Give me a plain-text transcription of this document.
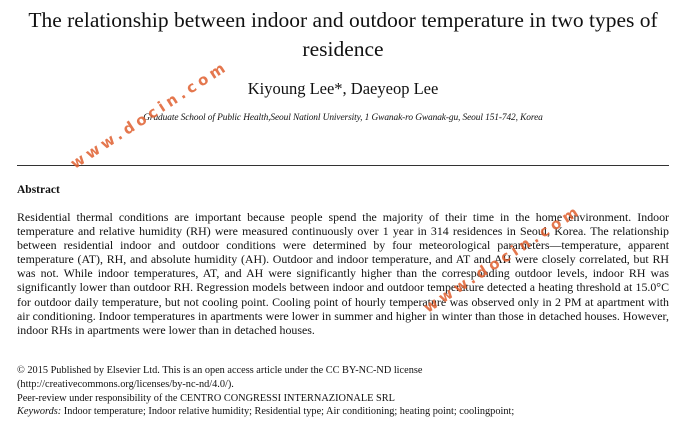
The relationship between indoor and outdoor temperature in two types of residence
Kiyoung Lee*, Daeyeop Lee
Graduate School of Public Health,Seoul Nationl University, 1 Gwanak-ro Gwanak-gu, Seoul 151-742, Korea
Abstract

Residential thermal conditions are important because people spend the majority of their time in the home environment. Indoor temperature and relative humidity (RH) were measured continuously over 1 year in 314 residences in Seoul, Korea. The relationship between residential indoor and outdoor conditions were determined by four meteorological parameters—temperature, apparent temperature (AT), RH, and absolute humidity (AH). Outdoor and indoor temperature, and AT and AH were closely correlated, but RH was not. While indoor temperatures, AT, and AH were significantly higher than the corresponding outdoor levels, indoor RH was significantly lower than outdoor RH. Regression models between indoor and outdoor temperature detected a heating threshold at 15.0°C for outdoor daily temperature, but not cooling point. Cooling point of hourly temperature was observed only in 2 PM at apartment with air conditioning. Indoor temperatures in apartments were lower in summer and higher in winter than those in detached houses. However, indoor RHs in apartments were lower than in detached houses.

© 2015 Published by Elsevier Ltd. This is an open access article under the CC BY-NC-ND license
(http://creativecommons.org/licenses/by-nc-nd/4.0/).
Peer-review under responsibility of the CENTRO CONGRESSI INTERNAZIONALE SRL
Keywords: Indoor temperature; Indoor relative humidity; Residential type; Air conditioning; heating point; coolingpoint;
www.docin.com
www.docin.com
